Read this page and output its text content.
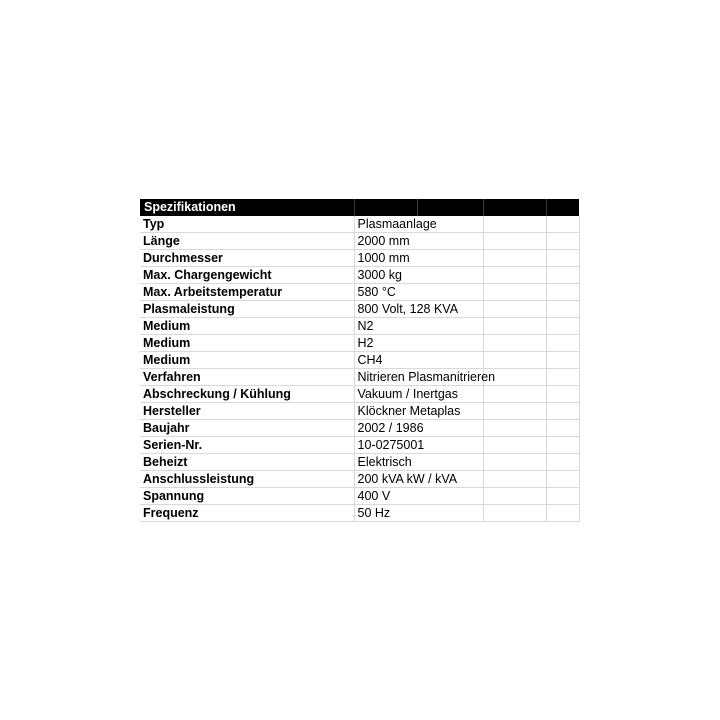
Spezifikationen
Typ	Plasmaanlage			
Länge	2000 mm			
Durchmesser	1000 mm			
Max. Chargengewicht	3000 kg			
Max. Arbeitstemperatur	580 °C			
Plasmaleistung	800 Volt, 128 KVA			
Medium	N2			
Medium	H2			
Medium	CH4			
Verfahren	Nitrieren Plasmanitrieren			
Abschreckung / Kühlung	Vakuum / Inertgas			
Hersteller	Klöckner Metaplas			
Baujahr	2002 / 1986			
Serien-Nr.	10-0275001			
Beheizt	Elektrisch			
Anschlussleistung	200 kVA kW / kVA			
Spannung	400 V			
Frequenz	50 Hz			
